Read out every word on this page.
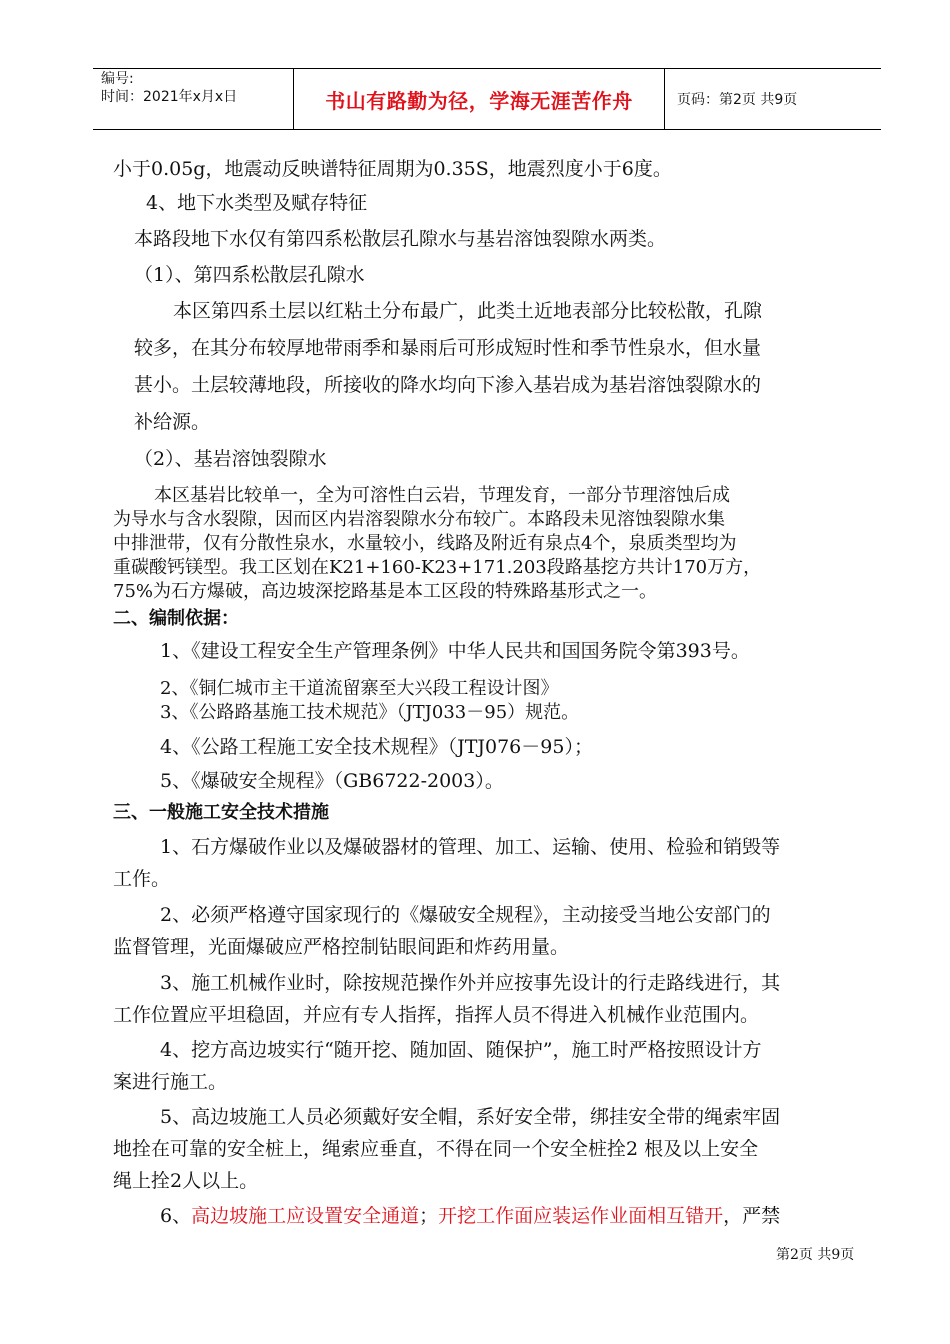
编号:
时间：2021年x月x日	书山有路勤为径，学海无涯苦作舟	页码：第2页 共9页
小于0.05g，地震动反映谱特征周期为0.35S，地震烈度小于6度。
4、地下水类型及赋存特征
本路段地下水仅有第四系松散层孔隙水与基岩溶蚀裂隙水两类。
（1）、第四系松散层孔隙水
本区第四系土层以红粘土分布最广，此类土近地表部分比较松散，孔隙
较多，在其分布较厚地带雨季和暴雨后可形成短时性和季节性泉水，但水量
甚小。土层较薄地段，所接收的降水均向下渗入基岩成为基岩溶蚀裂隙水的
补给源。
（2）、基岩溶蚀裂隙水
本区基岩比较单一，全为可溶性白云岩，节理发育，一部分节理溶蚀后成
为导水与含水裂隙，因而区内岩溶裂隙水分布较广。本路段未见溶蚀裂隙水集
中排泄带，仅有分散性泉水，水量较小，线路及附近有泉点4个，泉质类型均为
重碳酸钙镁型。我工区划在K21+160-K23+171.203段路基挖方共计170万方，
75%为石方爆破，高边坡深挖路基是本工区段的特殊路基形式之一。
二、编制依据：
1、《建设工程安全生产管理条例》中华人民共和国国务院令第393号。
2、《铜仁城市主干道流留寨至大兴段工程设计图》
3、《公路路基施工技术规范》（JTJ033－95）规范。
4、《公路工程施工安全技术规程》（JTJ076－95）；
5、《爆破安全规程》（GB6722-2003）。
三、一般施工安全技术措施
1、石方爆破作业以及爆破器材的管理、加工、运输、使用、检验和销毁等
工作。
2、必须严格遵守国家现行的《爆破安全规程》，主动接受当地公安部门的
监督管理，光面爆破应严格控制钻眼间距和炸药用量。
3、施工机械作业时，除按规范操作外并应按事先设计的行走路线进行，其
工作位置应平坦稳固，并应有专人指挥，指挥人员不得进入机械作业范围内。
4、挖方高边坡实行“随开挖、随加固、随保护”，施工时严格按照设计方
案进行施工。
5、高边坡施工人员必须戴好安全帽，系好安全带，绑挂安全带的绳索牢固
地拴在可靠的安全桩上，绳索应垂直，不得在同一个安全桩拴2 根及以上安全
绳上拴2人以上。
6、高边坡施工应设置安全通道；开挖工作面应装运作业面相互错开，严禁
第2页 共9页
